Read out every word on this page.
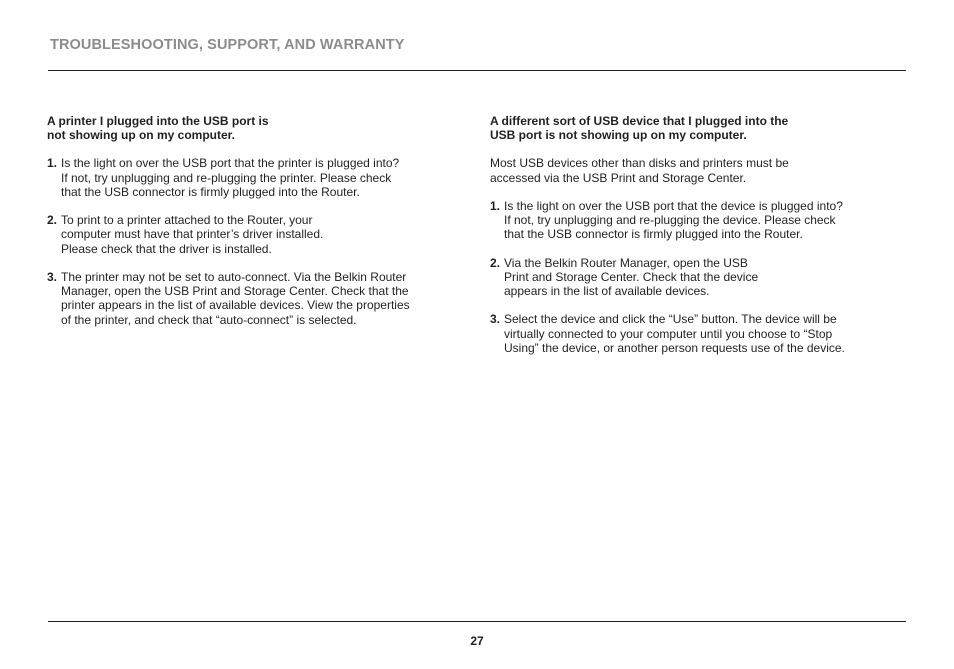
TROUBLESHOOTING, SUPPORT, AND WARRANTY

A printer I plugged into the USB port is
not showing up on my computer.

1. Is the light on over the USB port that the printer is plugged into?
If not, try unplugging and re-plugging the printer. Please check
that the USB connector is firmly plugged into the Router.
2. To print to a printer attached to the Router, your
computer must have that printer’s driver installed.
Please check that the driver is installed.
3. The printer may not be set to auto-connect. Via the Belkin Router
Manager, open the USB Print and Storage Center. Check that the
printer appears in the list of available devices. View the properties
of the printer, and check that “auto-connect” is selected.

A different sort of USB device that I plugged into the
USB port is not showing up on my computer.

Most USB devices other than disks and printers must be
accessed via the USB Print and Storage Center.

1. Is the light on over the USB port that the device is plugged into?
If not, try unplugging and re-plugging the device. Please check
that the USB connector is firmly plugged into the Router.
2. Via the Belkin Router Manager, open the USB
Print and Storage Center. Check that the device
appears in the list of available devices.
3. Select the device and click the “Use” button. The device will be
virtually connected to your computer until you choose to “Stop
Using” the device, or another person requests use of the device.
27
